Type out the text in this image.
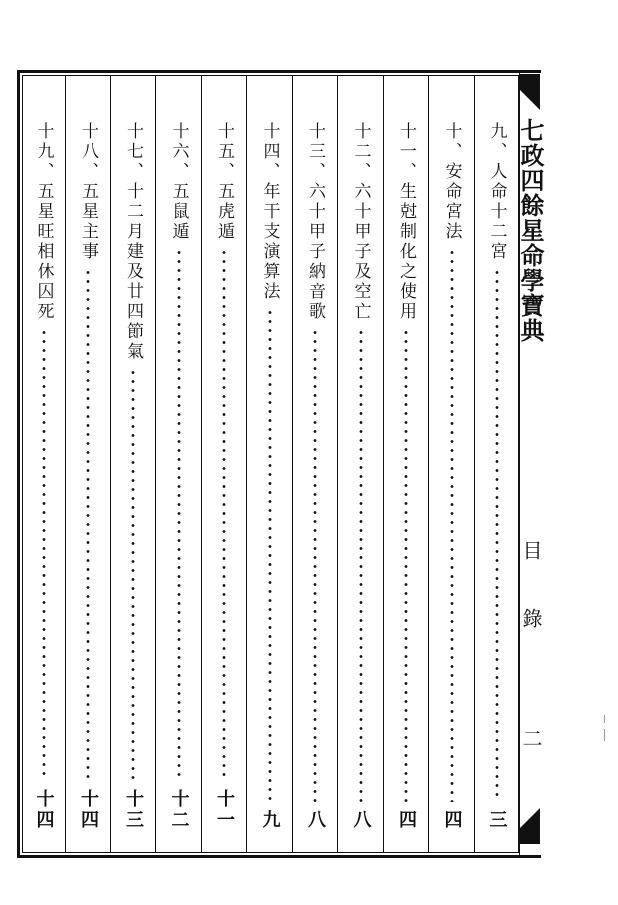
九、人命十二宮
三
十、安命宮法
四
十一、生尅制化之使用
四
十二、六十甲子及空亡
八
十三、六十甲子納音歌
八
十四、年干支演算法
九
十五、五虎遁
十一
十六、五鼠遁
十二
十七、十二月建及廿四節氣
十三
十八、五星主事
十四
十九、五星旺相休囚死
十四
七政四餘星命學寶典
目錄
二
